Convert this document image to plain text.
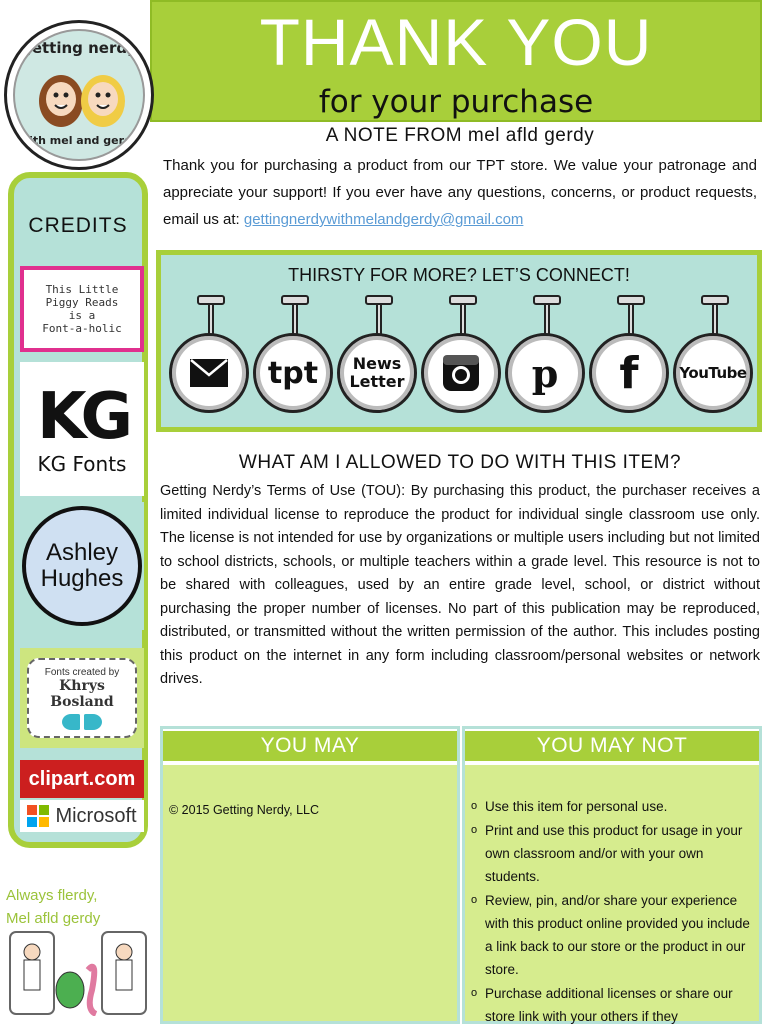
THANK YOU
for your purchase
getting nerdy
with mel and gerdy
CREDITS
This Little
Piggy Reads
is a
Font-a-holic
KG
KG Fonts
Ashley
Hughes
Fonts created by
Khrys Bosland
clipart.com
Microsoft
Always flerdy,
Mel afld gerdy
A NOTE FROM mel afld gerdy
Thank you for purchasing a product from our TPT store. We value your patronage and appreciate your support! If you ever have any questions, concerns, or product requests, email us at: gettingnerdywithmelandgerdy@gmail.com
THIRSTY FOR MORE? LET’S CONNECT!
tpt News Letter	p f	YouTube
WHAT AM I ALLOWED TO DO WITH THIS ITEM?
Getting Nerdy’s Terms of Use (TOU): By purchasing this product, the purchaser receives a limited individual license to reproduce the product for individual single classroom use only. The license is not intended for use by organizations or multiple users including but not limited to school districts, schools, or multiple teachers within a grade level. This resource is not to be shared with colleagues, used by an entire grade level, school, or district without purchasing the proper number of licenses. No part of this publication may be reproduced, distributed, or transmitted without the written permission of the author. This includes posting this product on the internet in any form including classroom/personal websites or network drives.
YOU MAY
© 2015 Getting Nerdy, LLC
YOU MAY NOT
o Use this item for personal use.
o Print and use this product for usage in your own classroom and/or with your own students.
o Review, pin, and/or share your experience with this product online provided you include a link back to our store or the product in our store.
o Purchase additional licenses or share our store link with your others if they
